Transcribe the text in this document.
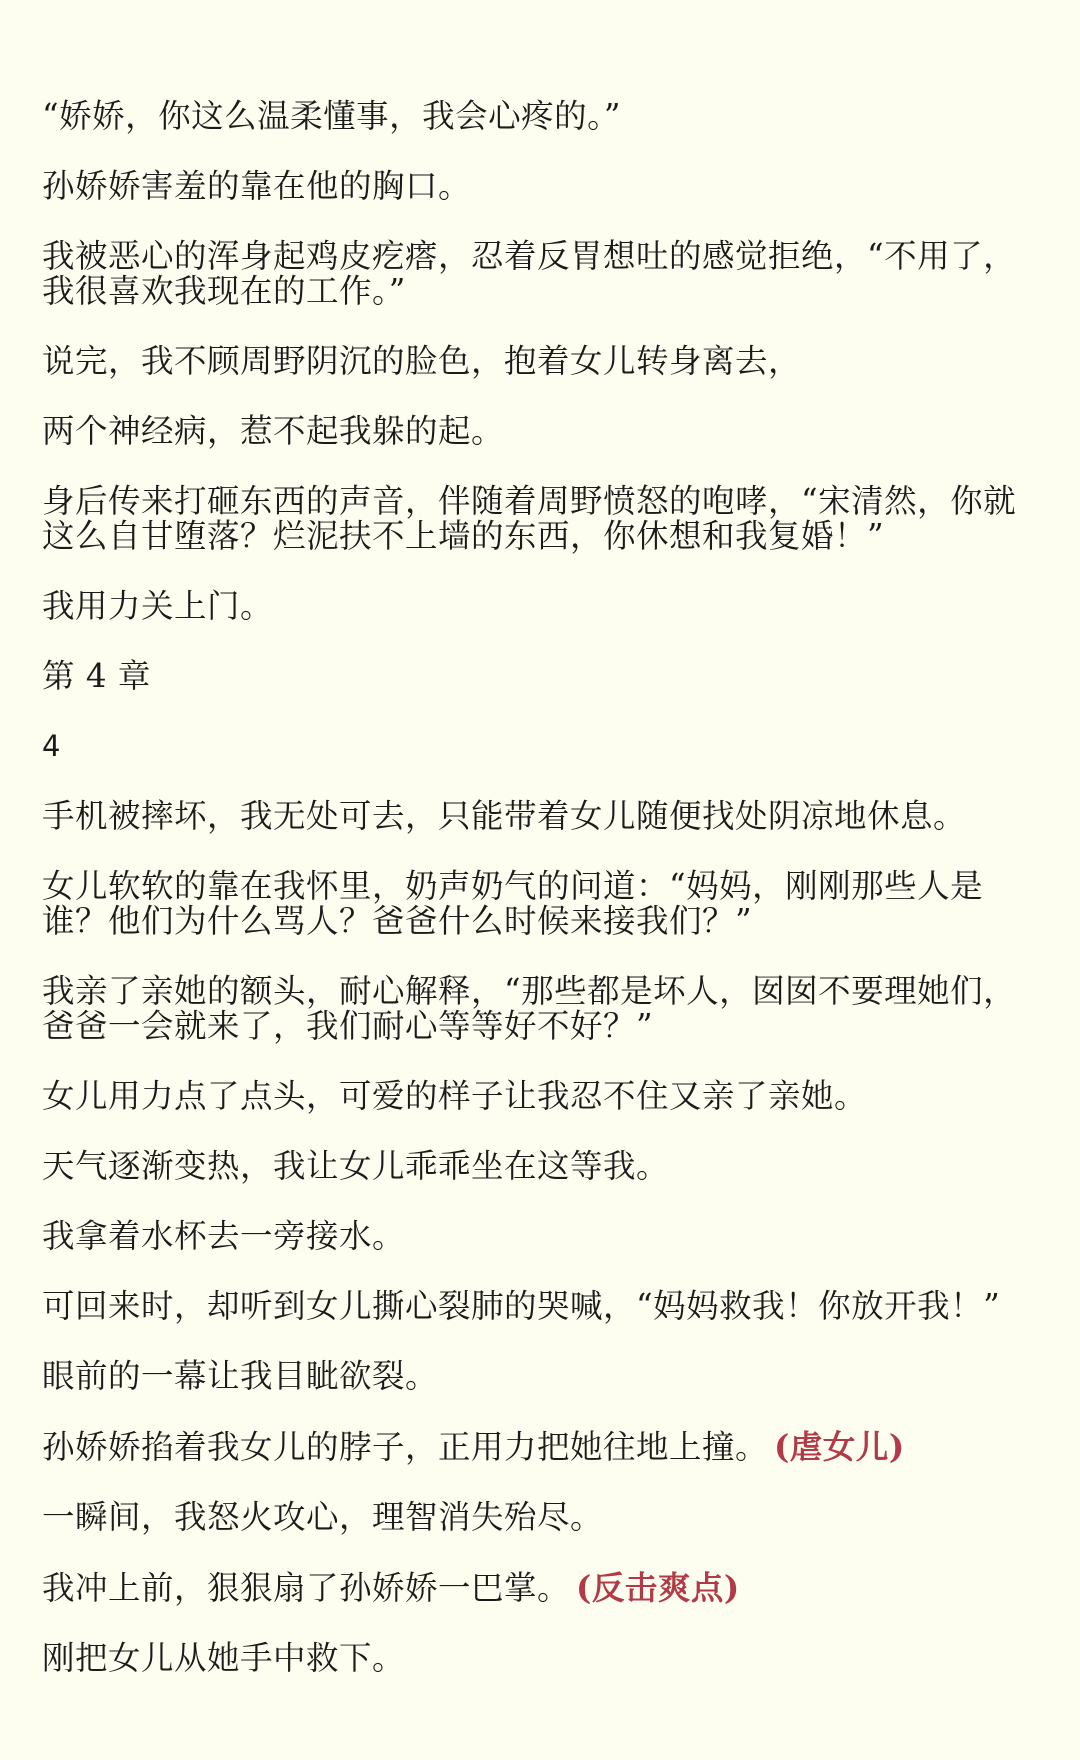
“娇娇，你这么温柔懂事，我会心疼的。”

孙娇娇害羞的靠在他的胸口。

我被恶心的浑身起鸡皮疙瘩，忍着反胃想吐的感觉拒绝，“不用了，我很喜欢我现在的工作。”

说完，我不顾周野阴沉的脸色，抱着女儿转身离去，

两个神经病，惹不起我躲的起。

身后传来打砸东西的声音，伴随着周野愤怒的咆哮，“宋清然，你就这么自甘堕落？烂泥扶不上墙的东西，你休想和我复婚！”

我用力关上门。

第 4 章

4

手机被摔坏，我无处可去，只能带着女儿随便找处阴凉地休息。

女儿软软的靠在我怀里，奶声奶气的问道：“妈妈，刚刚那些人是谁？他们为什么骂人？爸爸什么时候来接我们？”

我亲了亲她的额头，耐心解释，“那些都是坏人，囡囡不要理她们，爸爸一会就来了，我们耐心等等好不好？”

女儿用力点了点头，可爱的样子让我忍不住又亲了亲她。

天气逐渐变热，我让女儿乖乖坐在这等我。

我拿着水杯去一旁接水。

可回来时，却听到女儿撕心裂肺的哭喊，“妈妈救我！你放开我！”

眼前的一幕让我目眦欲裂。

孙娇娇掐着我女儿的脖子，正用力把她往地上撞。 (虐女儿)

一瞬间，我怒火攻心，理智消失殆尽。

我冲上前，狠狠扇了孙娇娇一巴掌。 (反击爽点)

刚把女儿从她手中救下。
